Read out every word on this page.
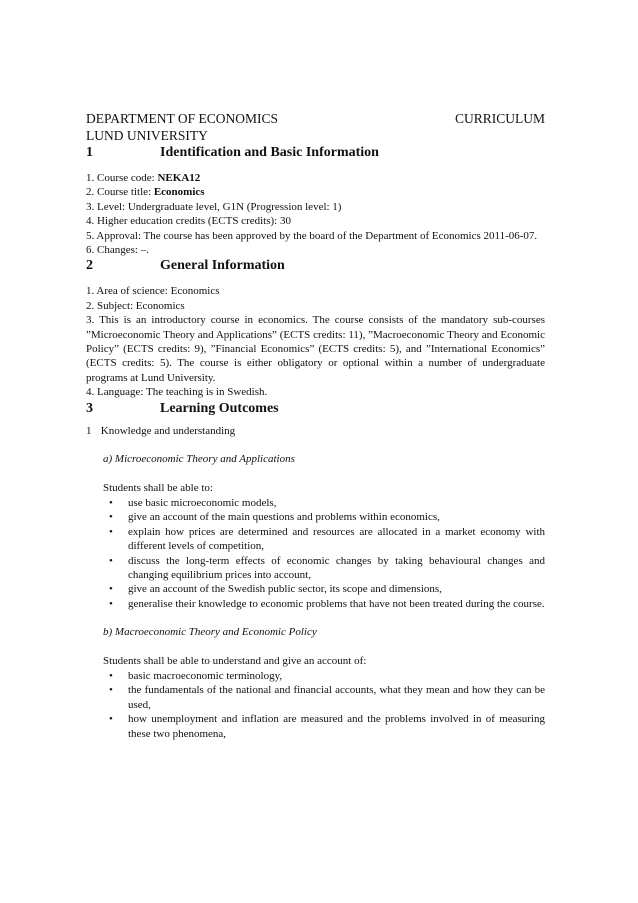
DEPARTMENT OF ECONOMICS	CURRICULUM
LUND UNIVERSITY
1	Identification and Basic Information

1. Course code: NEKA12

2. Course title: Economics

3. Level: Undergraduate level, G1N (Progression level: 1)

4. Higher education credits (ECTS credits): 30

5. Approval: The course has been approved by the board of the Department of Economics 2011-06-07.

6. Changes: –.

2	General Information

1. Area of science: Economics

2. Subject: Economics

3. This is an introductory course in economics. The course consists of the mandatory sub-courses ”Microeconomic Theory and Applications” (ECTS credits: 11), ”Macroeconomic Theory and Economic Policy” (ECTS credits: 9), ”Financial Economics” (ECTS credits: 5), and ”International Economics” (ECTS credits: 5). The course is either obligatory or optional within a number of undergraduate programs at Lund University.

4. Language: The teaching is in Swedish.

3	Learning Outcomes
1 Knowledge and understanding
a) Microeconomic Theory and Applications
Students shall be able to:
• use basic microeconomic models,
• give an account of the main questions and problems within economics,
• explain how prices are determined and resources are allocated in a market economy with different levels of competition,
• discuss the long-term effects of economic changes by taking behavioural changes and changing equilibrium prices into account,
• give an account of the Swedish public sector, its scope and dimensions,
• generalise their knowledge to economic problems that have not been treated during the course.
b) Macroeconomic Theory and Economic Policy
Students shall be able to understand and give an account of:
• basic macroeconomic terminology,
• the fundamentals of the national and financial accounts, what they mean and how they can be used,
• how unemployment and inflation are measured and the problems involved in of measuring these two phenomena,
